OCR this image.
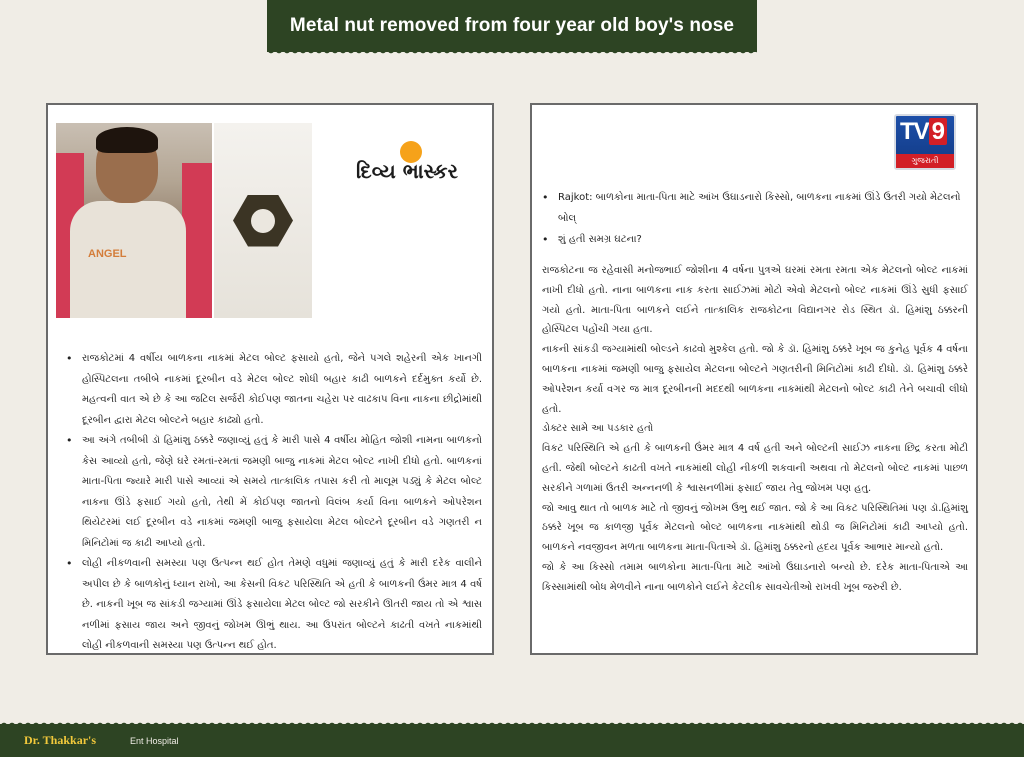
Metal nut removed from four year old boy's nose
ANGEL
દિવ્ય ભાસ્કર
• રાજકોટમાં 4 વર્ષીય બાળકના નાકમાં મેટલ બોલ્ટ ફસાયો હતો, જેને પગલે શહેરની એક ખાનગી હોસ્પિટલના તબીબે નાકમાં દૂરબીન વડે મેટલ બોલ્ટ શોધી બહાર કાઢી બાળકને દર્દમુક્ત કર્યો છે. મહત્વની વાત એ છે કે આ જટિલ સર્જરી કોઈપણ જાતના ચહેરા પર વાઢકાપ વિના નાકના છીદ્રોમાંથી દૂરબીન દ્વારા મેટલ બોલ્ટને બહાર કાઢ્યો હતો.
• આ અંગે તબીબી ડૉ હિમાંશુ ઠક્કરે જણાવ્યું હતું કે મારી પાસે 4 વર્ષીય મોહિત જોશી નામના બાળકનો કેસ આવ્યો હતો, જેણે ઘરે રમતાં-રમતાં જમણી બાજુ નાકમાં મેટલ બોલ્ટ નાખી દીધો હતો. બાળકનાં માતા-પિતા જ્યારે મારી પાસે આવ્યાં એ સમયે તાત્કાલિક તપાસ કરી તો માલૂમ પડ્યું કે મેટલ બોલ્ટ નાકના ઊંડે ફસાઈ ગયો હતો, તેથી મેં કોઈપણ જાતનો વિલંબ કર્યા વિના બાળકને ઓપરેશન થિયેટરમાં લઈ દૂરબીન વડે નાકમાં જમણી બાજુ ફસાયેલા મેટલ બોલ્ટને દૂરબીન વડે ગણતરી ન મિનિટોમાં જ કાઢી આપ્યો હતો.
• લોહી નીકળવાની સમસ્યા પણ ઉત્પન્ન થઈ હોત તેમણે વધુમાં જણાવ્યું હતું કે મારી દરેક વાલીને અપીલ છે કે બાળકોનું ધ્યાન રાખો, આ કેસની વિકટ પરિસ્થિતિ એ હતી કે બાળકની ઉંમર માત્ર 4 વર્ષ છે. નાકની ખૂબ જ સાંકડી જગ્યામાં ઊંડે ફસાયેલા મેટલ બોલ્ટ જો સરકીને ઊતરી જાય તો એ શ્વાસ નળીમાં ફસાય જાય અને જીવનું જોખમ ઊભું થાય. આ ઉપરાંત બોલ્ટને કાઢતી વખતે નાકમાંથી લોહી નીકળવાની સમસ્યા પણ ઉત્પન્ન થઈ હોત.
TV 9
ગુજરાતી
• Rajkot: બાળકોના માતા-પિતા માટે આંખ ઉઘાડનારો કિસ્સો, બાળકના નાકમાં ઊંડે ઉતરી ગયો મેટલનો બોલ્
• શું હતી સમગ્ર ઘટના?

રાજકોટના જ રહેવાસી મનોજભાઈ જોશીના 4 વર્ષના પુત્રએ ઘરમાં રમતા રમતા એક મેટલનો બોલ્ટ નાકમાં નાખી દીધો હતો. નાના બાળકના નાક કરતા સાઈઝમાં મોટો એવો મેટલનો બોલ્ટ નાકમાં ઊંડે સુધી ફસાઈ ગયો હતો. માતા-પિતા બાળકને લઈને તાત્કાલિક રાજકોટના વિદ્યાનગર રોડ સ્થિત ડૉ. હિમાંશુ ઠક્કરની હોસ્પિટલ પહોંચી ગયા હતા.

નાકની સાંકડી જગ્યામાંથી બોલ્ડને કાઢવો મુશ્કેલ હતો. જો કે ડૉ. હિમાંશુ ઠક્કરે ખૂબ જ કુનેહ પૂર્વક 4 વર્ષના બાળકના નાકમાં જમણી બાજુ ફસાયેલ મેટલના બોલ્ટને ગણતરીની મિનિટોમાં કાઢી દીધો. ડૉ. હિમાંશુ ઠક્કરે ઓપરેશન કર્યા વગર જ માત્ર દૂરબીનની મદદથી બાળકના નાકમાંથી મેટલનો બોલ્ટ કાઢી તેને બચાવી લીધો હતો.

ડોક્ટર સામે આ પડકાર હતો

વિકટ પરિસ્થિતિ એ હતી કે બાળકની ઉંમર માત્ર 4 વર્ષ હતી અને બોલ્ટની સાઈઝ નાકના છિદ્ર કરતા મોટી હતી. જેથી બોલ્ટને કાઢતી વખતે નાકમાંથી લોહી નીકળી શકવાની અથવા તો મેટલનો બોલ્ટ નાકમાં પાછળ સરકીને ગળામાં ઉતરી અન્નનળી કે શ્વાસનળીમાં ફસાઈ જાય તેવુ જોખમ પણ હતુ.

જો આવુ થાત તો બાળક માટે તો જીવનું જોખમ ઉભુ થઈ જાત. જો કે આ વિકટ પરિસ્થિતિમાં પણ ડૉ.હિમાંશુ ઠક્કરે ખૂબ જ કાળજી પૂર્વક મેટલનો બોલ્ટ બાળકના નાકમાંથી થોડી જ મિનિટોમાં કાઢી આપ્યો હતો. બાળકને નવજીવન મળતા બાળકના માતા-પિતાએ ડૉ. હિમાંશુ ઠક્કરનો હ્રદય પૂર્વક આભાર માન્યો હતો.

જો કે આ કિસ્સો તમામ બાળકોના માતા-પિતા માટે આંખો ઉઘાડનારો બન્યો છે. દરેક માતા-પિતાએ આ કિસ્સામાંથી બોધ મેળવીને નાના બાળકોને લઈને કેટલીક સાવચેતીઓ રાખવી ખૂબ જરુરી છે.

Dr. Thakkar's	Ent Hospital
